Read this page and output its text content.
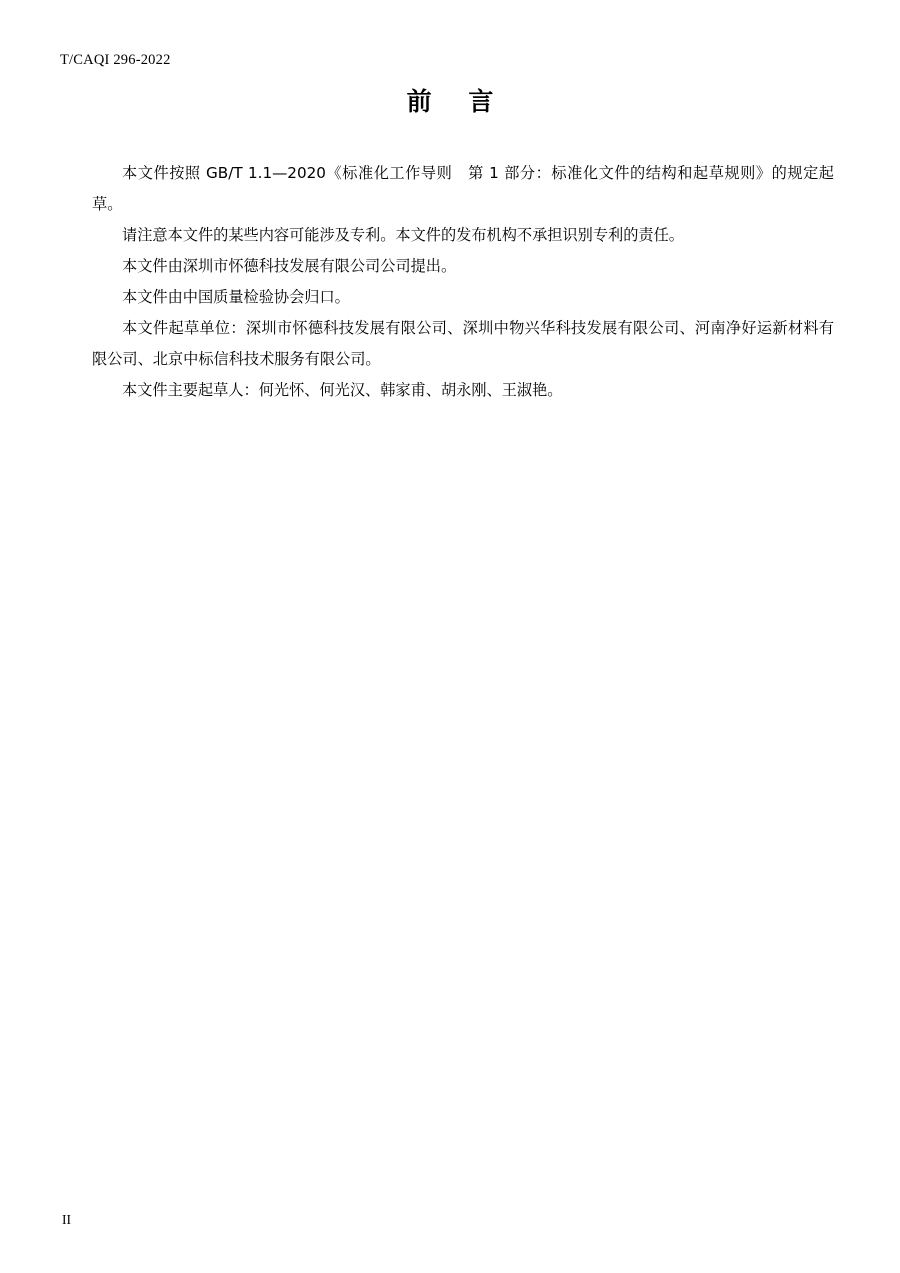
T/CAQI 296-2022
前 言

本文件按照 GB/T 1.1—2020《标准化工作导则　第 1 部分：标准化文件的结构和起草规则》的规定起草。

请注意本文件的某些内容可能涉及专利。本文件的发布机构不承担识别专利的责任。

本文件由深圳市怀德科技发展有限公司公司提出。

本文件由中国质量检验协会归口。

本文件起草单位：深圳市怀德科技发展有限公司、深圳中物兴华科技发展有限公司、河南净好运新材料有限公司、北京中标信科技术服务有限公司。

本文件主要起草人：何光怀、何光汉、韩家甫、胡永刚、王淑艳。

II
